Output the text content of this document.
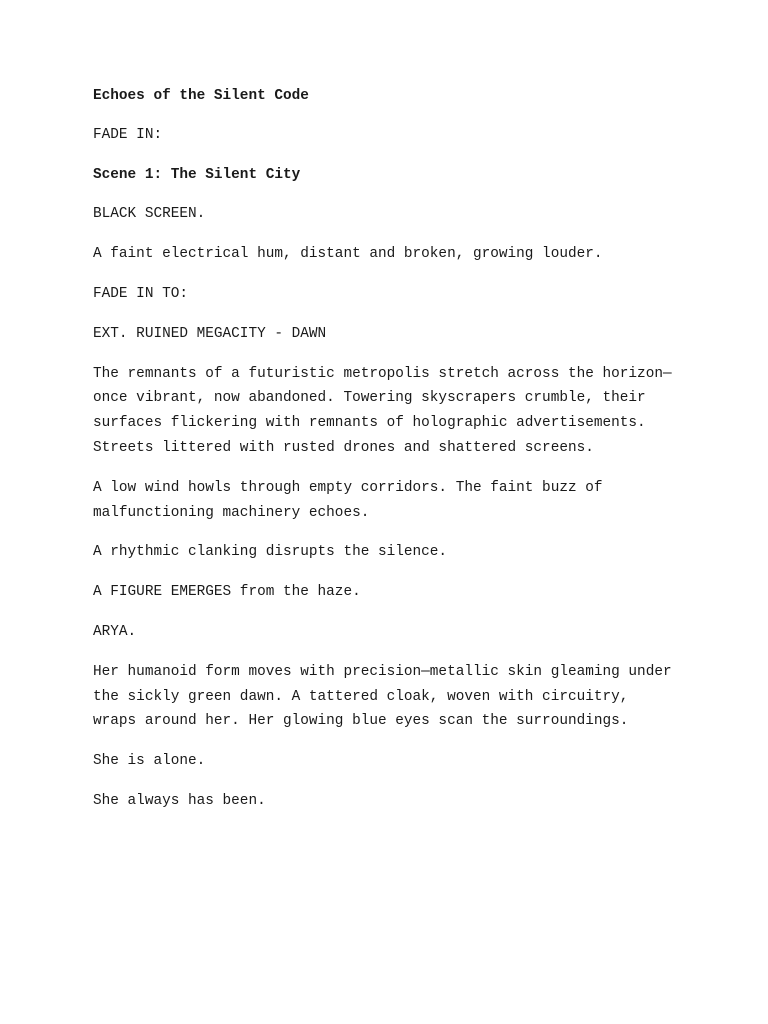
Echoes of the Silent Code

FADE IN:

Scene 1: The Silent City

BLACK SCREEN.

A faint electrical hum, distant and broken, growing louder.

FADE IN TO:

EXT. RUINED MEGACITY - DAWN

The remnants of a futuristic metropolis stretch across the horizon—once vibrant, now abandoned. Towering skyscrapers crumble, their surfaces flickering with remnants of holographic advertisements. Streets littered with rusted drones and shattered screens.

A low wind howls through empty corridors. The faint buzz of malfunctioning machinery echoes.

A rhythmic clanking disrupts the silence.

A FIGURE EMERGES from the haze.

ARYA.

Her humanoid form moves with precision—metallic skin gleaming under the sickly green dawn. A tattered cloak, woven with circuitry, wraps around her. Her glowing blue eyes scan the surroundings.

She is alone.

She always has been.
